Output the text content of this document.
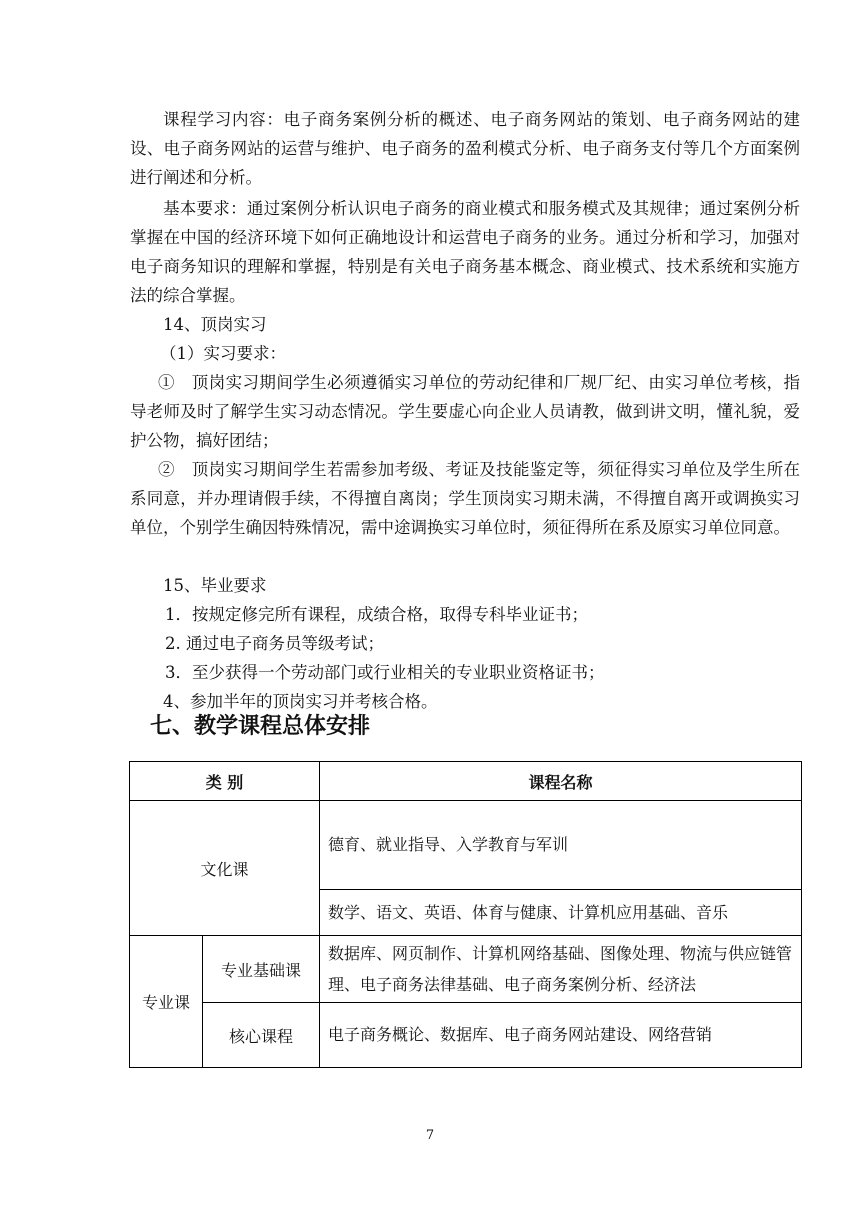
课程学习内容：电子商务案例分析的概述、电子商务网站的策划、电子商务网站的建设、电子商务网站的运营与维护、电子商务的盈利模式分析、电子商务支付等几个方面案例进行阐述和分析。

基本要求：通过案例分析认识电子商务的商业模式和服务模式及其规律；通过案例分析掌握在中国的经济环境下如何正确地设计和运营电子商务的业务。通过分析和学习，加强对电子商务知识的理解和掌握，特别是有关电子商务基本概念、商业模式、技术系统和实施方法的综合掌握。

14、顶岗实习

（1）实习要求：

①　顶岗实习期间学生必须遵循实习单位的劳动纪律和厂规厂纪、由实习单位考核，指导老师及时了解学生实习动态情况。学生要虚心向企业人员请教，做到讲文明，懂礼貌，爱护公物，搞好团结；

②　顶岗实习期间学生若需参加考级、考证及技能鉴定等，须征得实习单位及学生所在系同意，并办理请假手续，不得擅自离岗；学生顶岗实习期未满，不得擅自离开或调换实习单位，个别学生确因特殊情况，需中途调换实习单位时，须征得所在系及原实习单位同意。

15、毕业要求

1．按规定修完所有课程，成绩合格，取得专科毕业证书；

2. 通过电子商务员等级考试；

3．至少获得一个劳动部门或行业相关的专业职业资格证书；

4、参加半年的顶岗实习并考核合格。

七、教学课程总体安排
类 别		课程名称
文化课		德育、就业指导、入学教育与军训
		数学、语文、英语、体育与健康、计算机应用基础、音乐
专业课	专业基础课	数据库、网页制作、计算机网络基础、图像处理、物流与供应链管理、电子商务法律基础、电子商务案例分析、经济法
	核心课程	电子商务概论、数据库、电子商务网站建设、网络营销
7
